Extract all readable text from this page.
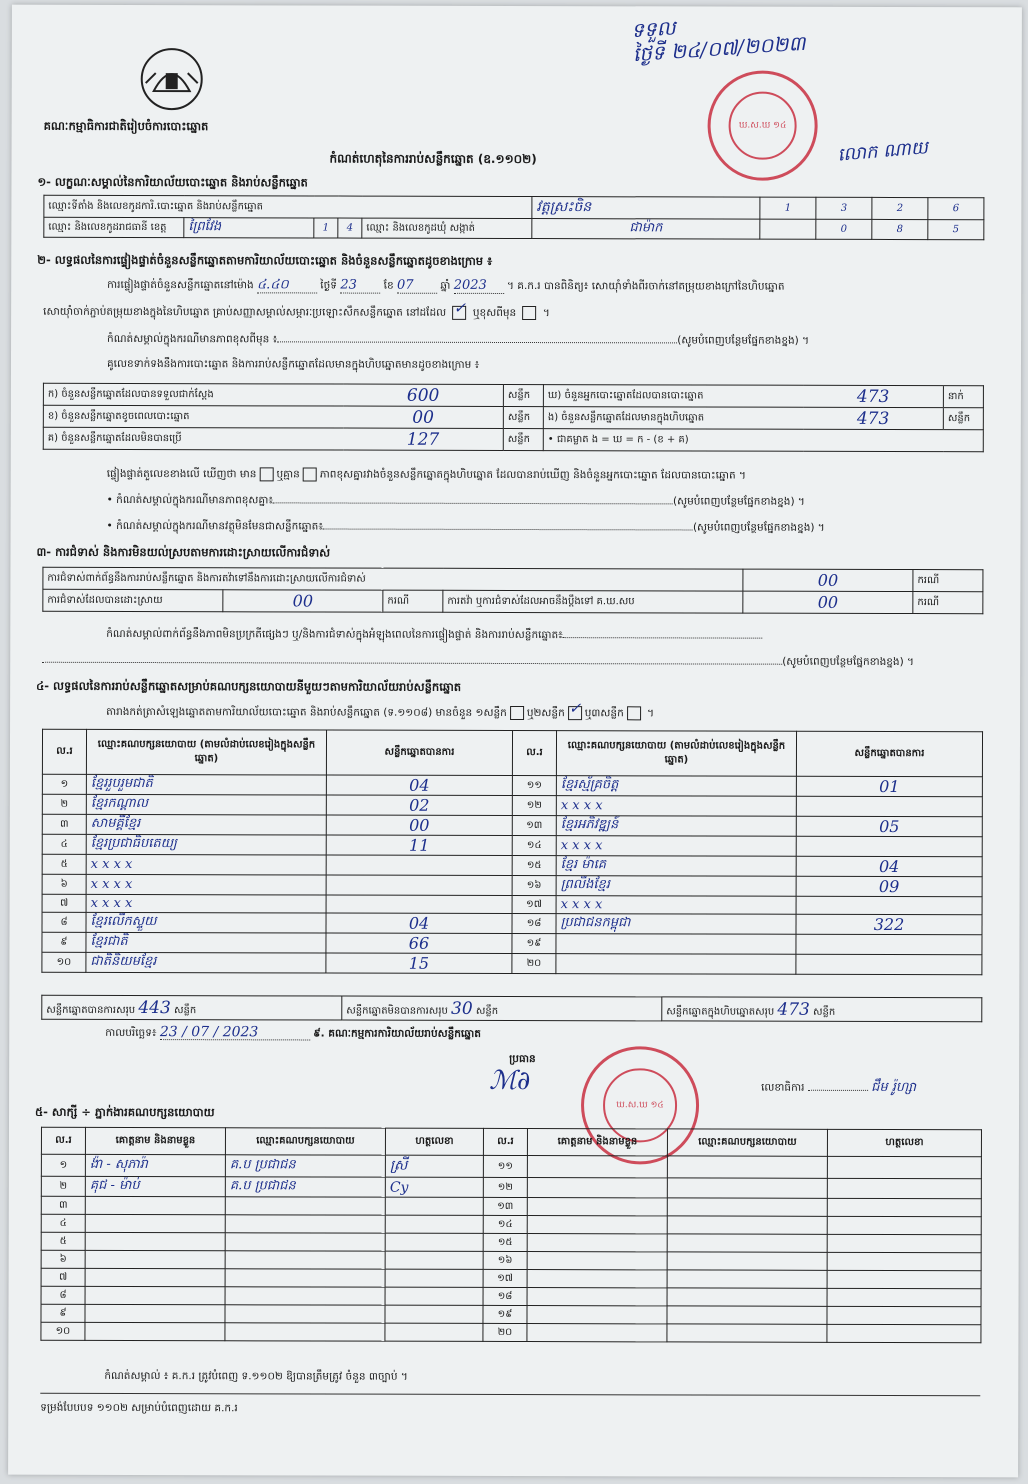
គណៈកម្មាធិការជាតិរៀបចំការបោះឆ្នោត	ឃ.ស.ឃ ១៤
ទទួល
ថ្ងៃទី ២៤/០៧/២០២៣
លោក ណាយ
កំណត់ហេតុនៃការរាប់សន្លឹកឆ្នោត (ឧ.១១០២)
១- លក្ខណៈសម្គាល់នៃការិយាល័យបោះឆ្នោត និងរាប់សន្លឹកឆ្នោត
ឈ្មោះទីតាំង និងលេខកូដការិ.បោះឆ្នោត និងរាប់សន្លឹកឆ្នោត					វត្តស្រះចិន	1	3	2	6
ឈ្មោះ និងលេខកូដរាជធានី ខេត្ត	ព្រៃវែង	1	4	ឈ្មោះ និងលេខកូដឃុំ សង្កាត់	ជាម៉ាក		0	8	5
២- លទ្ធផលនៃការផ្ទៀងផ្ទាត់ចំនួនសន្លឹកឆ្នោតតាមការិយាល័យបោះឆ្នោត និងចំនួនសន្លឹកឆ្នោតដូចខាងក្រោម ៖
ការផ្ទៀងផ្ទាត់ចំនួនសន្លឹកឆ្នោតនៅម៉ោង ៤.៤០	ថ្ងៃទី 23	ខែ 07	ឆ្នាំ 2023 ។ គ.ក.រ បានពិនិត្យ៖ សោយ៉ាំទាំងពីរចាក់នៅតម្រុយខាងក្រៅនៃហិបឆ្នោត
សោយ៉ាំចាក់ភ្ជាប់តម្រុយខាងក្នុងនៃហិបឆ្នោត គ្រាប់សញ្ញាសម្គាល់សម្ភារៈប្រឡោះសឹកសន្លឹកឆ្នោត នៅដដែល ✓ ឬខុសពីមុន  ។
កំណត់សម្គាល់ក្នុងករណីមានភាពខុសពីមុន ៖	(សូមបំពេញបន្ថែមផ្នែកខាងខ្នង) ។
គូលេខទាក់ទងនឹងការបោះឆ្នោត និងការរាប់សន្លឹកឆ្នោតដែលមានក្នុងហិបឆ្នោតមានដូចខាងក្រោម ៖
ក) ចំនួនសន្លឹកឆ្នោតដែលបានទទួលជាក់ស្តែង	600	សន្លឹក	ឃ) ចំនួនអ្នកបោះឆ្នោតដែលបានបោះឆ្នោត	473	នាក់
ខ) ចំនួនសន្លឹកឆ្នោតខូចពេលបោះឆ្នោត	00	សន្លឹក	ង) ចំនួនសន្លឹកឆ្នោតដែលមានក្នុងហិបឆ្នោត	473	សន្លឹក
គ) ចំនួនសន្លឹកឆ្នោតដែលមិនបានប្រើ	127	សន្លឹក	• ជាគម្លាត ង = ឃ = ក - (ខ + គ)		
ផ្ទៀងផ្ទាត់តួលេខខាងលើ ឃើញថា មាន ឬគ្មាន ភាពខុសគ្នារវាងចំនួនសន្លឹកឆ្នោតក្នុងហិបឆ្នោត ដែលបានរាប់ឃើញ និងចំនួនអ្នកបោះឆ្នោត ដែលបានបោះឆ្នោត ។
• កំណត់សម្គាល់ក្នុងករណីមានភាពខុសគ្នា៖	(សូមបំពេញបន្ថែមផ្នែកខាងខ្នង) ។
• កំណត់សម្គាល់ក្នុងករណីមានវត្ថុមិនមែនជាសន្លឹកឆ្នោត៖	(សូមបំពេញបន្ថែមផ្នែកខាងខ្នង) ។
៣- ការជំទាស់ និងការមិនយល់ស្របតាមការដោះស្រាយលើការជំទាស់
ការជំទាស់ពាក់ព័ន្ធនឹងការរាប់សន្លឹកឆ្នោត និងការតវ៉ាទៅនឹងការដោះស្រាយលើការជំទាស់				00	ករណី
ការជំទាស់ដែលបានដោះស្រាយ	00	ករណី	ការតវ៉ា ឬការជំទាស់ដែលអាចនឹងប្តឹងទៅ គ.ឃ.សប	00	ករណី
កំណត់សម្គាល់ពាក់ព័ន្ធនឹងភាពមិនប្រក្រតីផ្សេងៗ ឬ/និងការជំទាស់ក្នុងអំឡុងពេលនៃការផ្ទៀងផ្ទាត់ និងការរាប់សន្លឹកឆ្នោត៖
(សូមបំពេញបន្ថែមផ្នែកខាងខ្នង) ។
៤- លទ្ធផលនៃការរាប់សន្លឹកឆ្នោតសម្រាប់គណបក្សនយោបាយនីមួយៗតាមការិយាល័យរាប់សន្លឹកឆ្នោត
តារាងកត់ត្រាសំឡេងឆ្នោតតាមការិយាល័យបោះឆ្នោត និងរាប់សន្លឹកឆ្នោត (ទ.១១០៨) មានចំនួន ១សន្លឹក ឬ២សន្លឹក ✓ ឬ៣សន្លឹក ។
ល.រ	ឈ្មោះគណបក្សនយោបាយ (តាមលំដាប់លេខរៀងក្នុងសន្លឹកឆ្នោត)	សន្លឹកឆ្នោតបានការ	ល.រ	ឈ្មោះគណបក្សនយោបាយ (តាមលំដាប់លេខរៀងក្នុងសន្លឹកឆ្នោត)	សន្លឹកឆ្នោតបានការ
១	ខ្មែររួបរួមជាតិ	04	១១	ខ្មែរស្ម័គ្រចិត្ត	01
២	ខ្មែរកណ្តាល	02	១២	x x x x	
៣	សាមគ្គីខ្មែរ	00	១៣	ខ្មែរអភិវឌ្ឍន៍	05
៤	ខ្មែរប្រជាធិបតេយ្យ	11	១៤	x x x x	
៥	x x x x		១៥	ខ្មែរ ម៉ាគេ	04
៦	x x x x		១៦	ព្រលឹងខ្មែរ	09
៧	x x x x		១៧	x x x x	
៨	ខ្មែរលើកស្ទួយ	04	១៨	ប្រជាជនកម្ពុជា	322
៩	ខ្មែរជាតិ	66	១៩		
១០	ជាតិនិយមខ្មែរ	15	២០		
សន្លឹកឆ្នោតបានការសរុប 443 សន្លឹក	សន្លឹកឆ្នោតមិនបានការសរុប 30 សន្លឹក	សន្លឹកឆ្នោតក្នុងហិបឆ្នោតសរុប 473 សន្លឹក
កាលបរិច្ឆេទ៖ 23 / 07 / 2023	៩. គណៈកម្មការការិយាល័យរាប់សន្លឹកឆ្នោត
ប្រធាន
ℳ∂
ឃ.ស.ឃ ១៤
លេខាធិការ	ជឹម រ៉ូហ្សា
៥- សាក្សី ÷ ភ្នាក់ងារគណបក្សនយោបាយ
ល.រ	គោត្តនាម និងនាមខ្លួន	ឈ្មោះគណបក្សនយោបាយ	ហត្ថលេខា	ល.រ	គោត្តនាម និងនាមខ្លួន	ឈ្មោះគណបក្សនយោបាយ	ហត្ថលេខា
១	ង៉ា - សុភារ៉ា	គ.ប ប្រជាជន	ស្រី	១១			
២	គុជ - ម៉ាប់	គ.ប ប្រជាជន	Cy	១២			
៣				១៣			
៤				១៤			
៥				១៥			
៦				១៦			
៧				១៧			
៨				១៨			
៩				១៩			
១០				២០			
កំណត់សម្គាល់ ៖ គ.ក.រ ត្រូវបំពេញ ទ.១១០២ ឱ្យបានត្រឹមត្រូវ ចំនួន ៣ច្បាប់ ។
ទម្រង់បែបបទ ១១០២ សម្រាប់បំពេញដោយ គ.ក.រ
